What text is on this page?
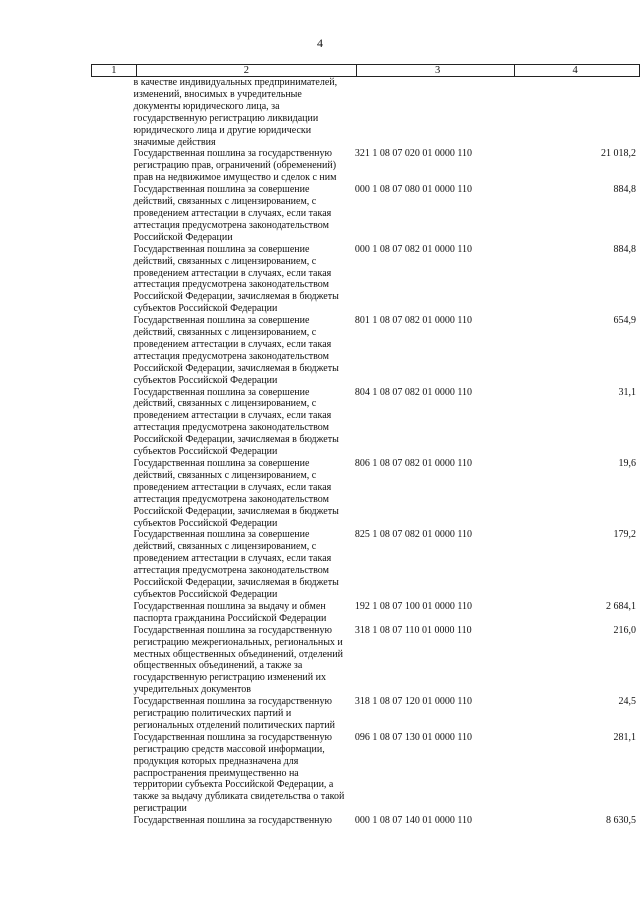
4
1	2	3	4
	в качестве индивидуальных предпринимателей, изменений, вносимых в учредительные документы юридического лица, за государственную регистрацию ликвидации юридического лица и другие юридически значимые действия		
	Государственная пошлина за государственную регистрацию прав, ограничений (обременений) прав на недвижимое имущество и сделок с ним	321 1 08 07 020 01 0000 110	21 018,2
	Государственная пошлина за совершение действий, связанных с лицензированием, с проведением аттестации в случаях, если такая аттестация предусмотрена законодательством Российской Федерации	000 1 08 07 080 01 0000 110	884,8
	Государственная пошлина за совершение действий, связанных с лицензированием, с проведением аттестации в случаях, если такая аттестация предусмотрена законодательством Российской Федерации, зачисляемая в бюджеты субъектов Российской Федерации	000 1 08 07 082 01 0000 110	884,8
	Государственная пошлина за совершение действий, связанных с лицензированием, с проведением аттестации в случаях, если такая аттестация предусмотрена законодательством Российской Федерации, зачисляемая в бюджеты субъектов Российской Федерации	801 1 08 07 082 01 0000 110	654,9
	Государственная пошлина за совершение действий, связанных с лицензированием, с проведением аттестации в случаях, если такая аттестация предусмотрена законодательством Российской Федерации, зачисляемая в бюджеты субъектов Российской Федерации	804 1 08 07 082 01 0000 110	31,1
	Государственная пошлина за совершение действий, связанных с лицензированием, с проведением аттестации в случаях, если такая аттестация предусмотрена законодательством Российской Федерации, зачисляемая в бюджеты субъектов Российской Федерации	806 1 08 07 082 01 0000 110	19,6
	Государственная пошлина за совершение действий, связанных с лицензированием, с проведением аттестации в случаях, если такая аттестация предусмотрена законодательством Российской Федерации, зачисляемая в бюджеты субъектов Российской Федерации	825 1 08 07 082 01 0000 110	179,2
	Государственная пошлина за выдачу и обмен паспорта гражданина Российской Федерации	192 1 08 07 100 01 0000 110	2 684,1
	Государственная пошлина за государственную регистрацию межрегиональных, региональных и местных общественных объединений, отделений общественных объединений, а также за государственную регистрацию изменений их учредительных документов	318 1 08 07 110 01 0000 110	216,0
	Государственная пошлина за государственную регистрацию политических партий и региональных отделений политических партий	318 1 08 07 120 01 0000 110	24,5
	Государственная пошлина за государственную регистрацию средств массовой информации, продукция которых предназначена для распространения преимущественно на территории субъекта Российской Федерации, а также за выдачу дубликата свидетельства о такой регистрации	096 1 08 07 130 01 0000 110	281,1
	Государственная пошлина за государственную	000 1 08 07 140 01 0000 110	8 630,5
